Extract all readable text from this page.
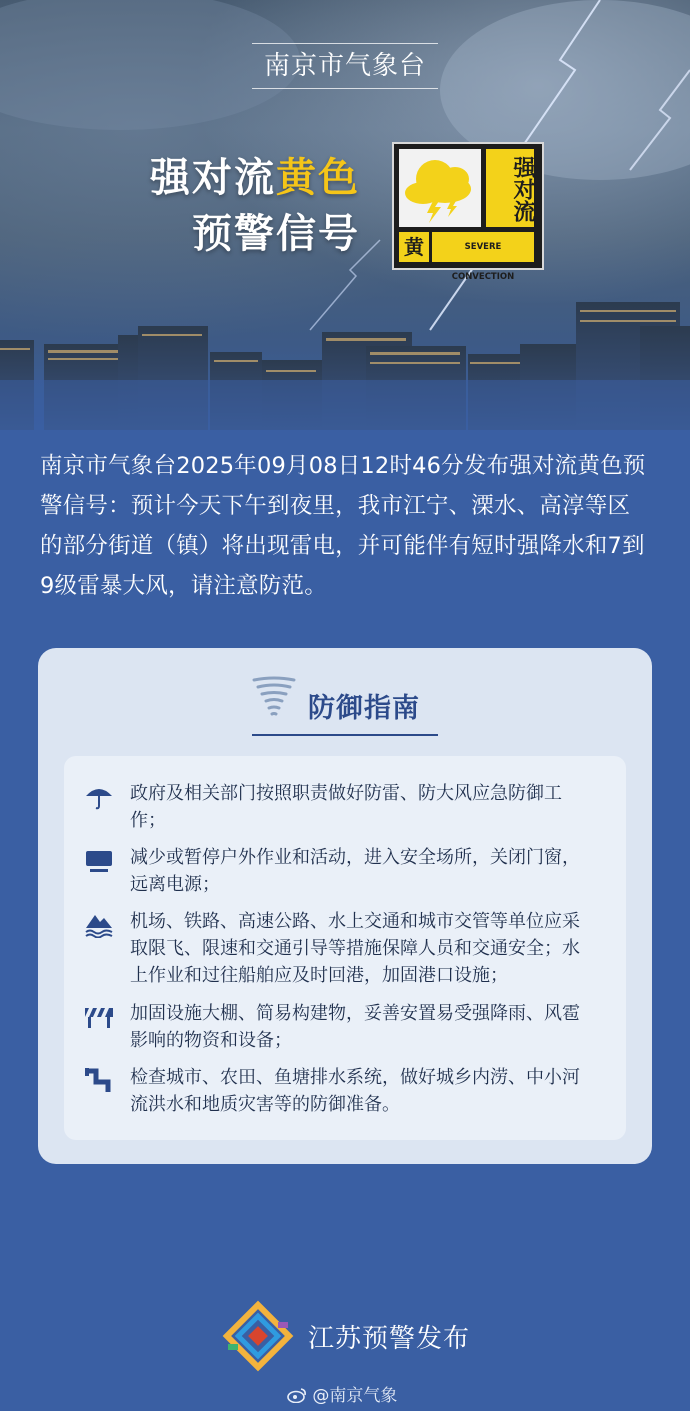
南京市气象台
强对流黄色
预警信号
强对流
黄	SEVERE CONVECTION
南京市气象台2025年09月08日12时46分发布强对流黄色预警信号：预计今天下午到夜里，我市江宁、溧水、高淳等区的部分街道（镇）将出现雷电，并可能伴有短时强降水和7到9级雷暴大风，请注意防范。
防御指南
政府及相关部门按照职责做好防雷、防大风应急防御工作；
减少或暂停户外作业和活动，进入安全场所，关闭门窗，远离电源；
机场、铁路、高速公路、水上交通和城市交管等单位应采取限飞、限速和交通引导等措施保障人员和交通安全；水上作业和过往船舶应及时回港，加固港口设施；
加固设施大棚、简易构建物，妥善安置易受强降雨、风雹影响的物资和设备；
检查城市、农田、鱼塘排水系统，做好城乡内涝、中小河流洪水和地质灾害等的防御准备。
江苏预警发布
@南京气象
